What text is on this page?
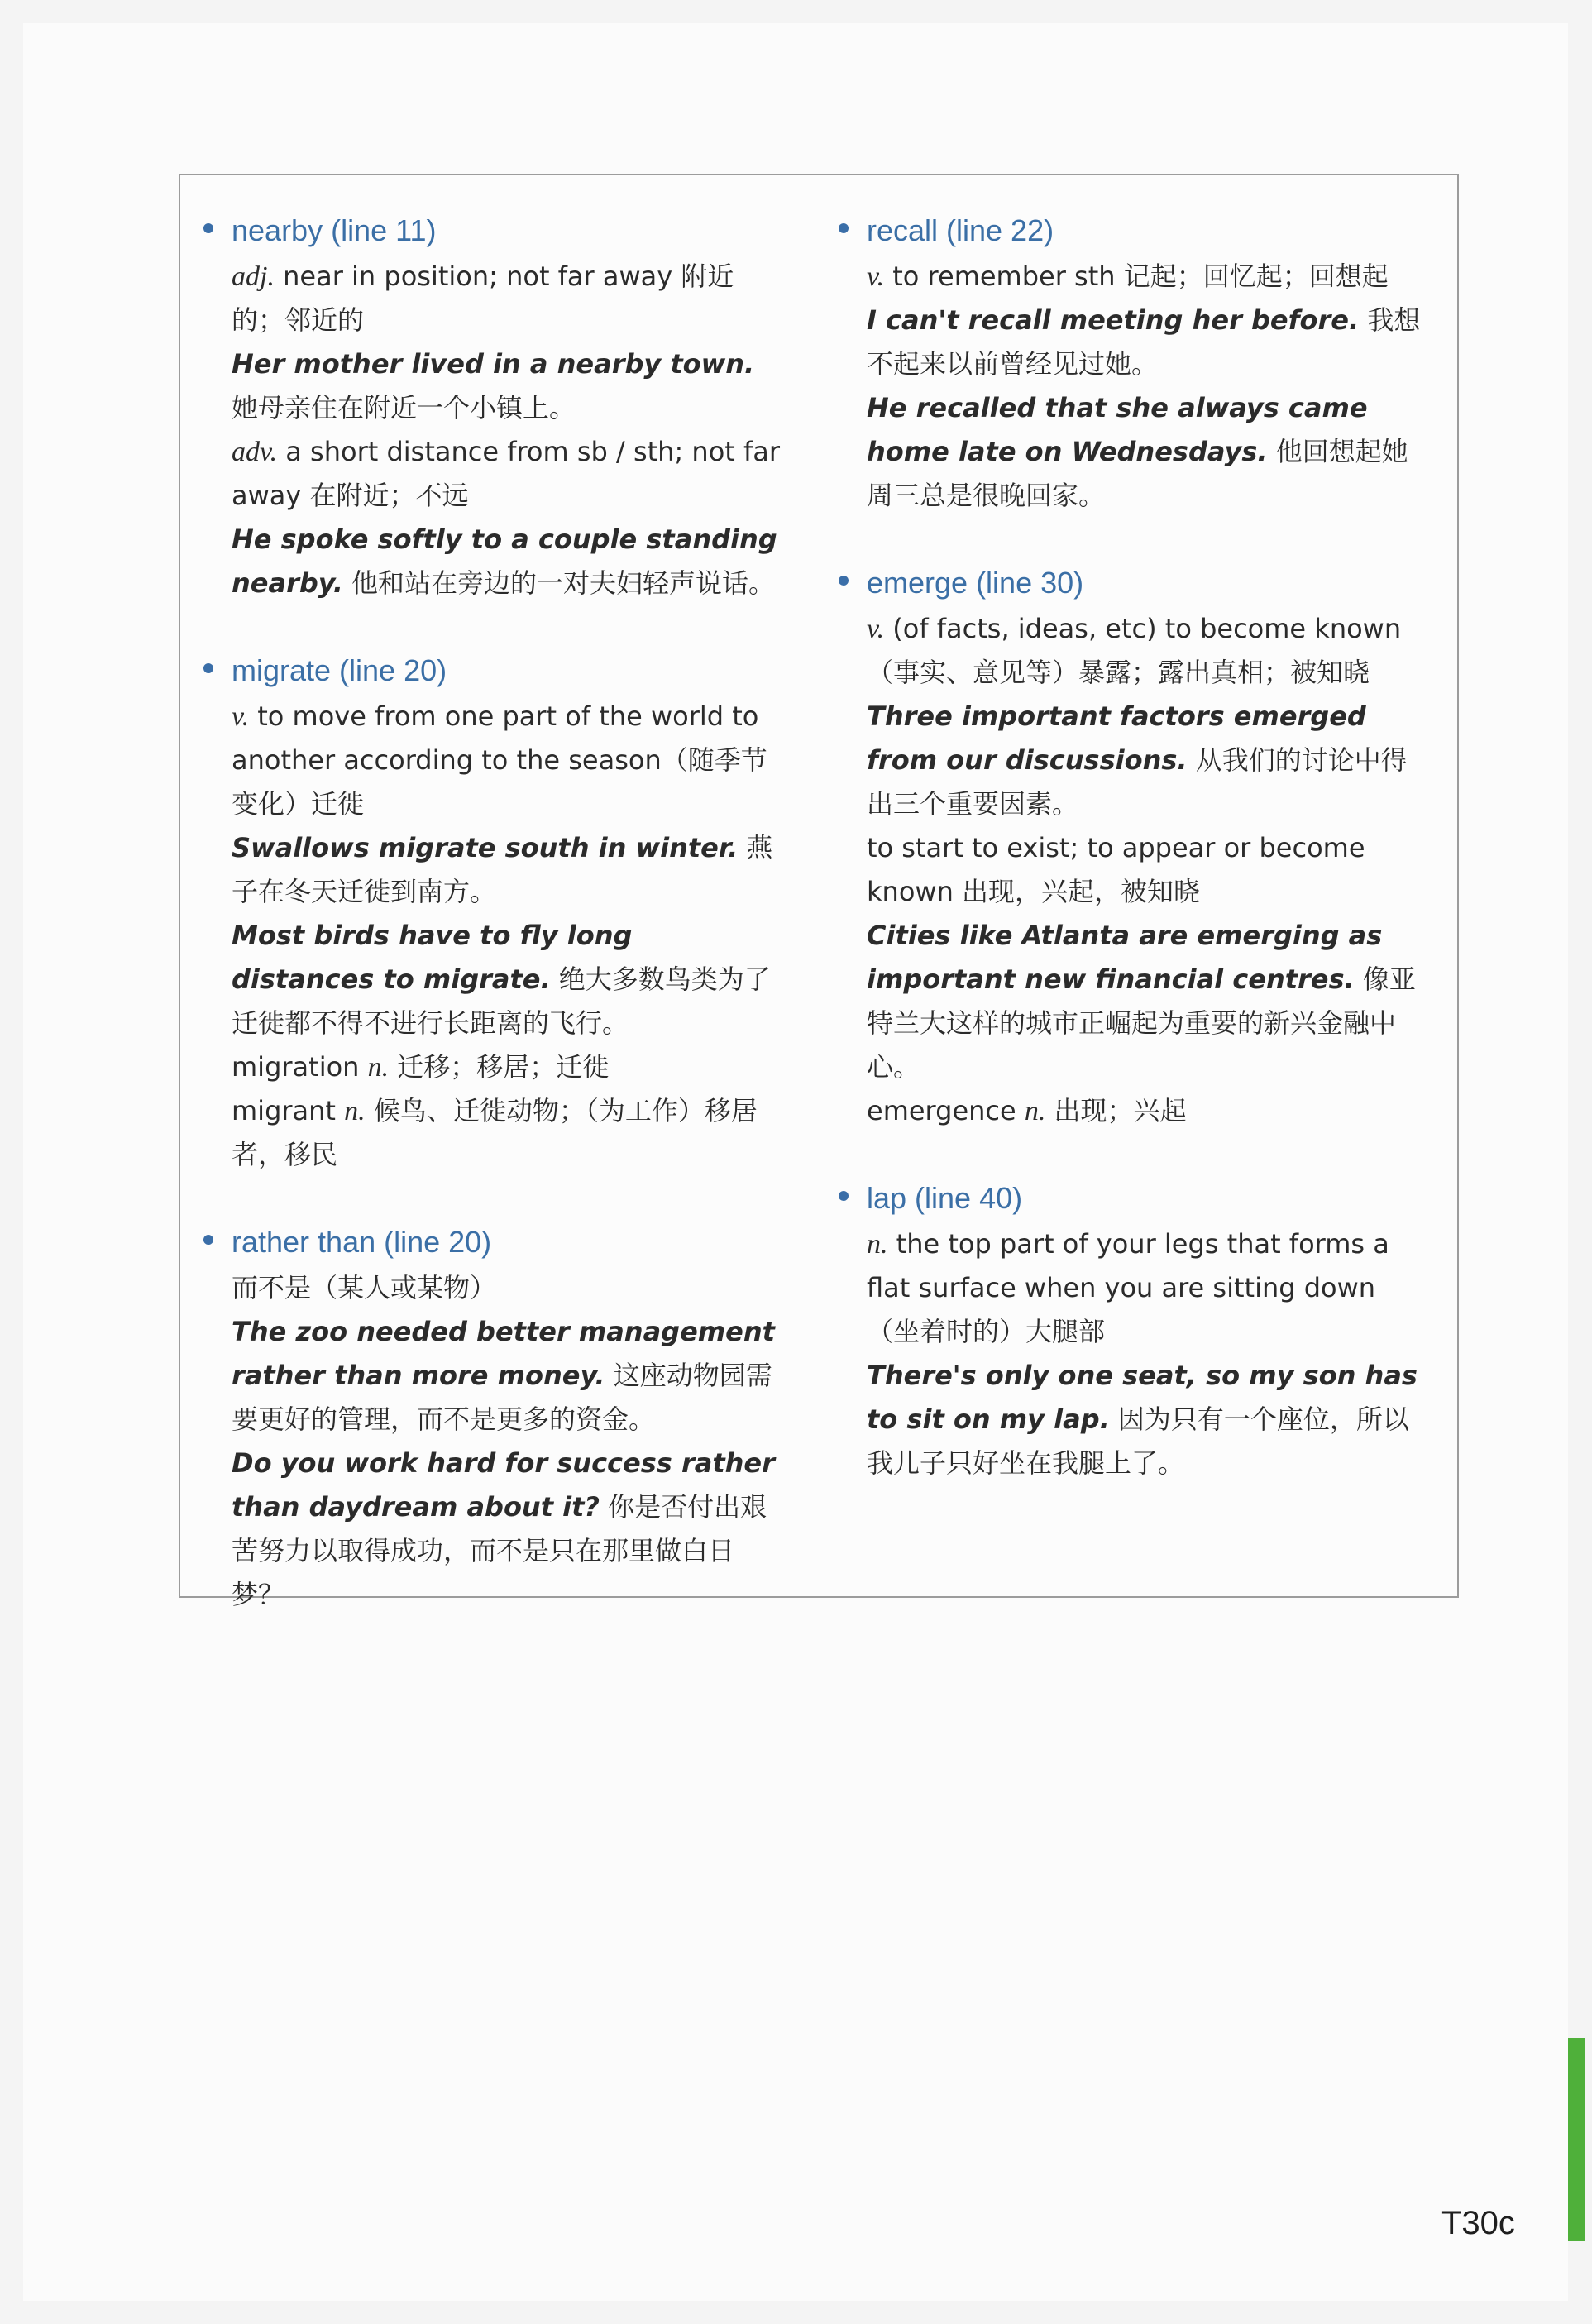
nearby (line 11)
adj. near in position; not far away 附近的；邻近的
Her mother lived in a nearby town. 她母亲住在附近一个小镇上。
adv. a short distance from sb / sth; not far away 在附近；不远
He spoke softly to a couple standing nearby. 他和站在旁边的一对夫妇轻声说话。
migrate (line 20)
v. to move from one part of the world to another according to the season（随季节变化）迁徙
Swallows migrate south in winter. 燕子在冬天迁徙到南方。
Most birds have to fly long distances to migrate. 绝大多数鸟类为了迁徙都不得不进行长距离的飞行。
migration n. 迁移；移居；迁徙
migrant n. 候鸟、迁徙动物；（为工作）移居者，移民
rather than (line 20)
而不是（某人或某物）
The zoo needed better management rather than more money. 这座动物园需要更好的管理，而不是更多的资金。
Do you work hard for success rather than daydream about it? 你是否付出艰苦努力以取得成功，而不是只在那里做白日梦？
recall (line 22)
v. to remember sth 记起；回忆起；回想起
I can't recall meeting her before. 我想不起来以前曾经见过她。
He recalled that she always came home late on Wednesdays. 他回想起她周三总是很晚回家。
emerge (line 30)
v. (of facts, ideas, etc) to become known（事实、意见等）暴露；露出真相；被知晓
Three important factors emerged from our discussions. 从我们的讨论中得出三个重要因素。
to start to exist; to appear or become known 出现，兴起，被知晓
Cities like Atlanta are emerging as important new financial centres. 像亚特兰大这样的城市正崛起为重要的新兴金融中心。
emergence n. 出现；兴起
lap (line 40)
n. the top part of your legs that forms a flat surface when you are sitting down （坐着时的）大腿部
There's only one seat, so my son has to sit on my lap. 因为只有一个座位，所以我儿子只好坐在我腿上了。
T30c
